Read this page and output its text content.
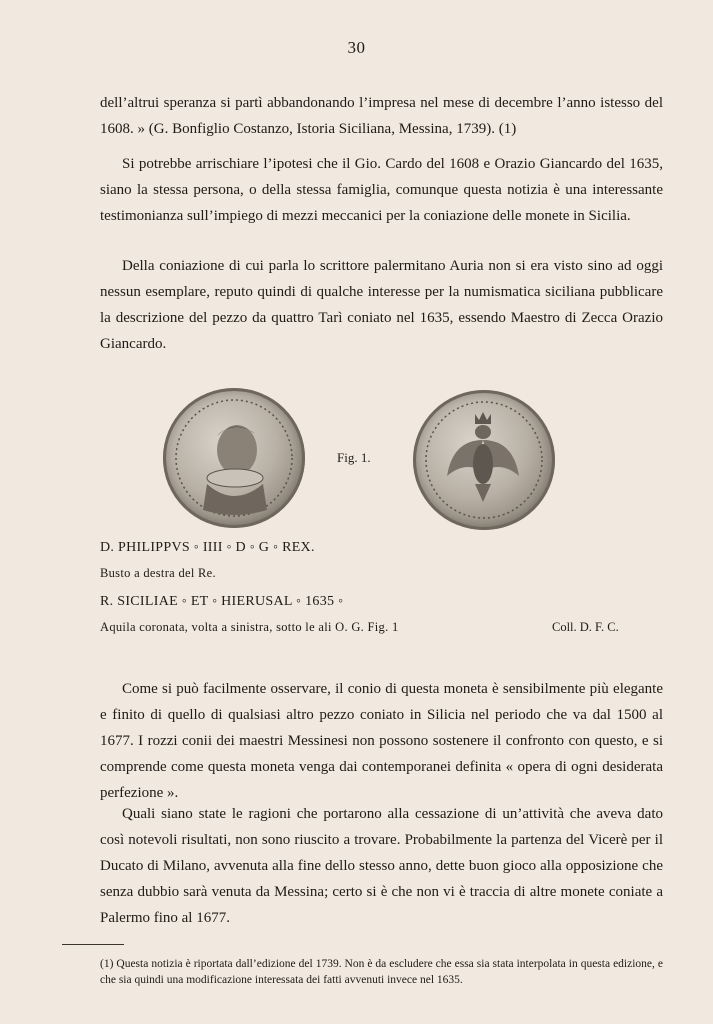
30

dell’altrui speranza si partì abbandonando l’impresa nel mese di decembre l’anno istesso del 1608. » (G. Bonfiglio Costanzo, Istoria Siciliana, Messina, 1739). (1)

Si potrebbe arrischiare l’ipotesi che il Gio. Cardo del 1608 e Orazio Giancardo del 1635, siano la stessa persona, o della stessa famiglia, comunque questa notizia è una interessante testimonianza sull’impiego di mezzi meccanici per la coniazione delle monete in Sicilia.

Della coniazione di cui parla lo scrittore palermitano Auria non si era visto sino ad oggi nessun esemplare, reputo quindi di qualche interesse per la numismatica siciliana pubblicare la descrizione del pezzo da quattro Tarì coniato nel 1635, essendo Maestro di Zecca Orazio Giancardo.

Fig. 1.
D. PHILIPPVS ◦ IIII ◦ D ◦ G ◦ REX.
Busto a destra del Re.
R. SICILIAE ◦ ET ◦ HIERUSAL ◦ 1635 ◦
Aquila coronata, volta a sinistra, sotto le ali O. G. Fig. 1	Coll. D. F. C.

Come si può facilmente osservare, il conio di questa moneta è sensibilmente più elegante e finito di quello di qualsiasi altro pezzo coniato in Silicia nel periodo che va dal 1500 al 1677. I rozzi conii dei maestri Messinesi non possono sostenere il confronto con questo, e si comprende come questa moneta venga dai contemporanei definita « opera di ogni desiderata perfezione ».

Quali siano state le ragioni che portarono alla cessazione di un’attività che aveva dato così notevoli risultati, non sono riuscito a trovare. Probabilmente la partenza del Vicerè per il Ducato di Milano, avvenuta alla fine dello stesso anno, dette buon gioco alla opposizione che senza dubbio sarà venuta da Messina; certo si è che non vi è traccia di altre monete coniate a Palermo fino al 1677.

(1) Questa notizia è riportata dall’edizione del 1739. Non è da escludere che essa sia stata interpolata in questa edizione, e che sia quindi una modificazione interessata dei fatti avvenuti invece nel 1635.
